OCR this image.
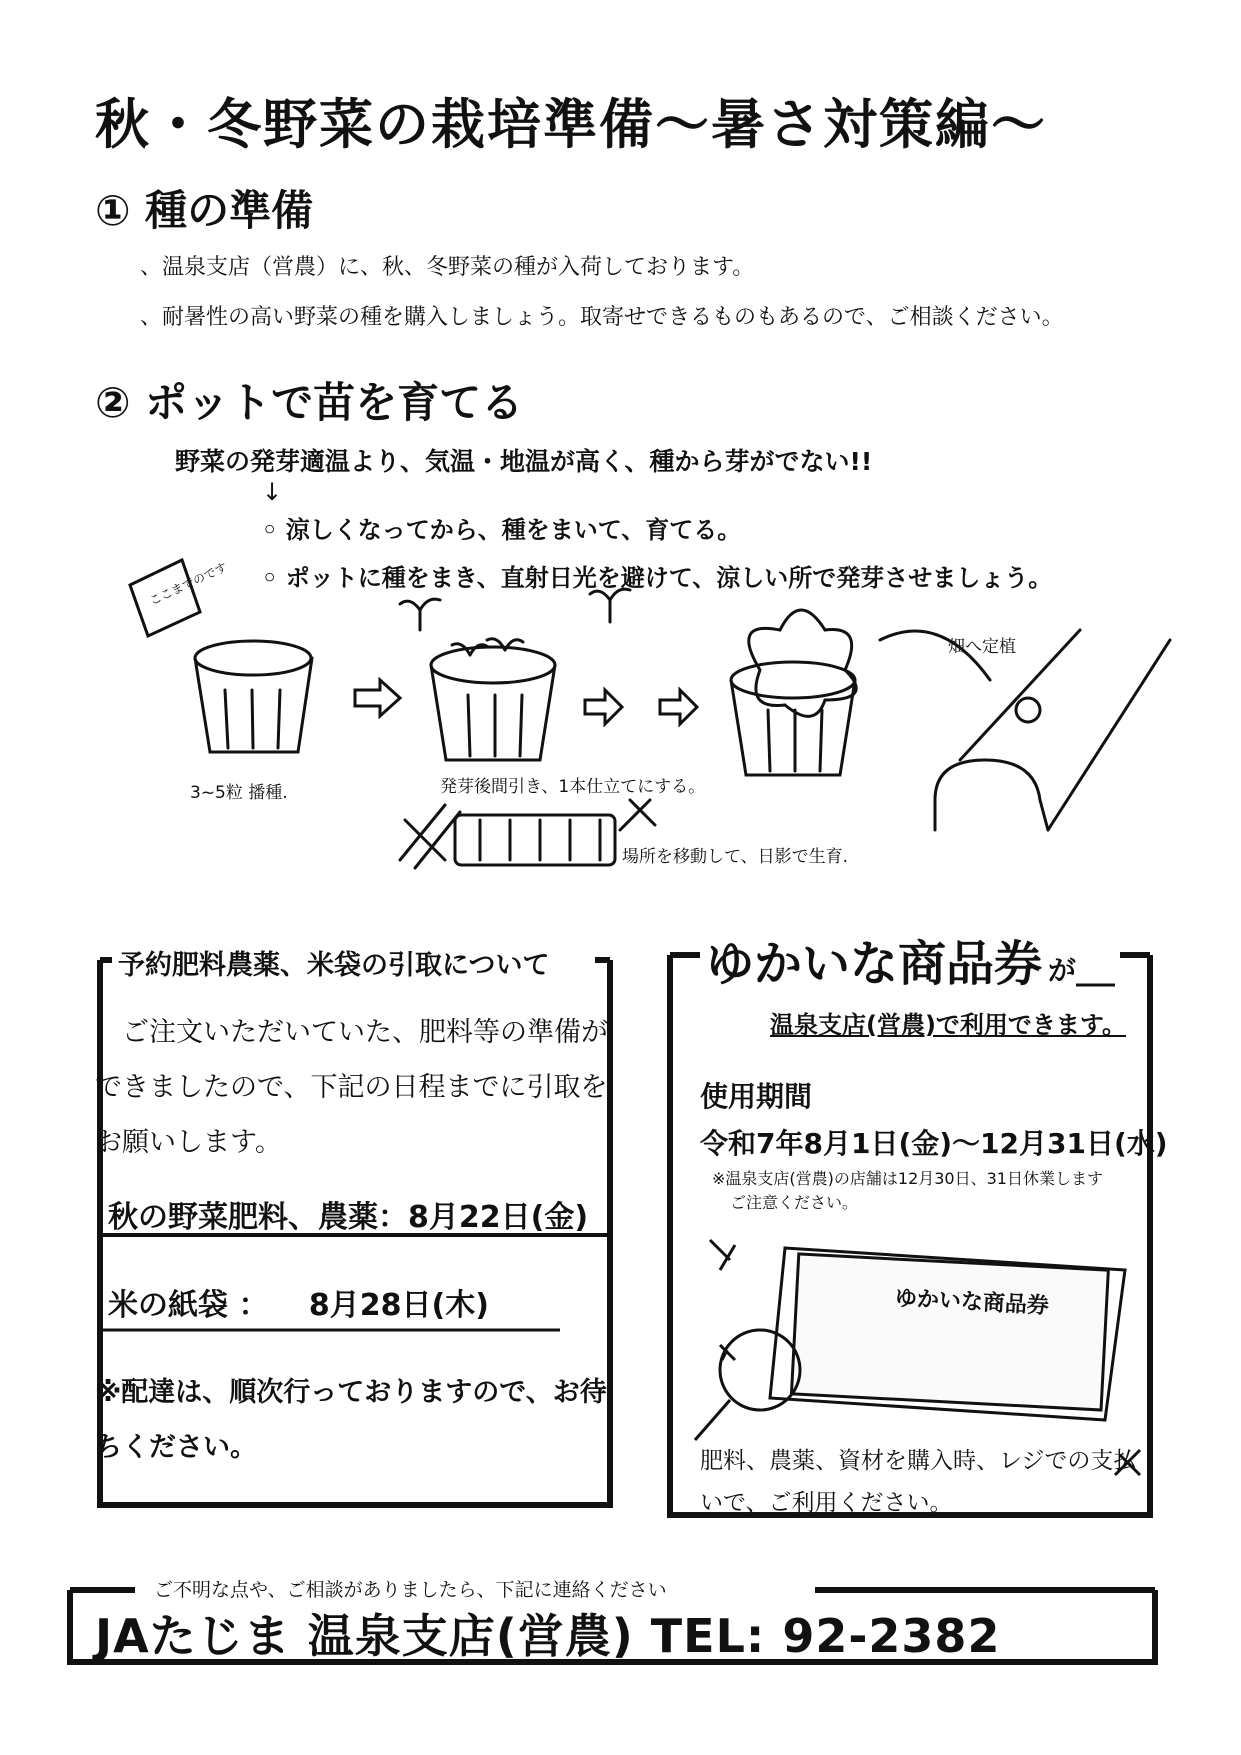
秋・冬野菜の栽培準備～暑さ対策編～
① 種の準備
、温泉支店（営農）に、秋、冬野菜の種が入荷しております。
、耐暑性の高い野菜の種を購入しましょう。取寄せできるものもあるので、ご相談ください。
② ポットで苗を育てる
野菜の発芽適温より、気温・地温が高く、種から芽がでない!!
↓
◦ 涼しくなってから、種をまいて、育てる。
◦ ポットに種をまき、直射日光を避けて、涼しい所で発芽させましょう。
ここまでのです
3~5粒 播種.	発芽後間引き、1本仕立てにする。
畑へ定植
場所を移動して、日影で生育.
予約肥料農薬、米袋の引取について
ご注文いただいていた、肥料等の準備ができましたので、下記の日程までに引取をお願いします。
秋の野菜肥料、農薬：8月22日(金)
米の紙袋 ： 8月28日(木)
※配達は、順次行っておりますので、お待ちください。
ゆかいな商品券 が
温泉支店(営農)で利用できます。
使用期間
令和7年8月1日(金)～12月31日(水)
※温泉支店(営農)の店舗は12月30日、31日休業します
ご注意ください。
ゆかいな商品券
肥料、農薬、資材を購入時、レジでの支払いで、ご利用ください。
ご不明な点や、ご相談がありましたら、下記に連絡ください
JAたじま 温泉支店(営農) TEL: 92-2382
